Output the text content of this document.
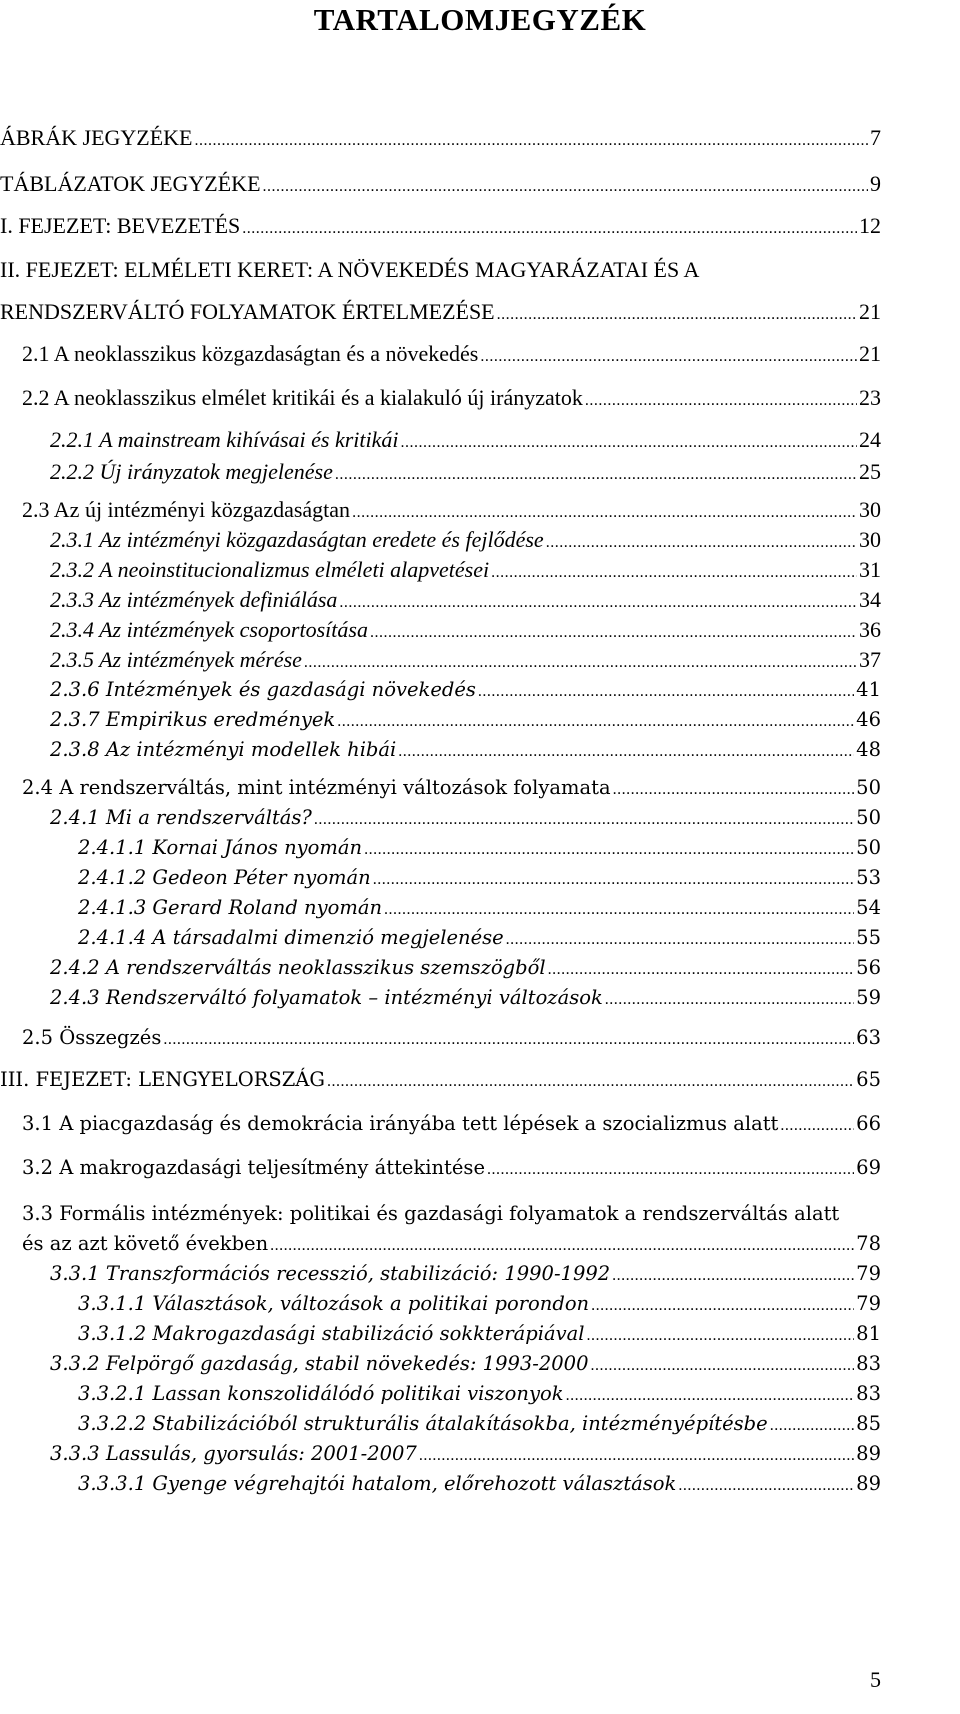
TARTALOMJEGYZÉK
ÁBRÁK JEGYZÉKE .....	7
TÁBLÁZATOK JEGYZÉKE .....	9
I. FEJEZET: BEVEZETÉS .....	12
II. FEJEZET: ELMÉLETI KERET: A NÖVEKEDÉS MAGYARÁZATAI ÉS A
RENDSZERVÁLTÓ FOLYAMATOK ÉRTELMEZÉSE .....	21
2.1 A neoklasszikus közgazdaságtan és a növekedés .....	21
2.2 A neoklasszikus elmélet kritikái és a kialakuló új irányzatok .....	23
2.2.1 A mainstream kihívásai és kritikái .....	24
2.2.2 Új irányzatok megjelenése .....	25
2.3 Az új intézményi közgazdaságtan .....	30
2.3.1 Az intézményi közgazdaságtan eredete és fejlődése .....	30
2.3.2 A neoinstitucionalizmus elméleti alapvetései .....	31
2.3.3 Az intézmények definiálása .....	34
2.3.4 Az intézmények csoportosítása .....	36
2.3.5 Az intézmények mérése .....	37
2.3.6 Intézmények és gazdasági növekedés .....	41
2.3.7 Empirikus eredmények .....	46
2.3.8 Az intézményi modellek hibái .....	48
2.4 A rendszerváltás, mint intézményi változások folyamata .....	50
2.4.1 Mi a rendszerváltás? .....	50
2.4.1.1 Kornai János nyomán .....	50
2.4.1.2 Gedeon Péter nyomán .....	53
2.4.1.3 Gerard Roland nyomán .....	54
2.4.1.4 A társadalmi dimenzió megjelenése .....	55
2.4.2 A rendszerváltás neoklasszikus szemszögből .....	56
2.4.3 Rendszerváltó folyamatok – intézményi változások .....	59
2.5 Összegzés .....	63
III. FEJEZET: LENGYELORSZÁG .....	65
3.1 A piacgazdaság és demokrácia irányába tett lépések a szocializmus alatt .....	66
3.2 A makrogazdasági teljesítmény áttekintése .....	69
3.3 Formális intézmények: politikai és gazdasági folyamatok a rendszerváltás alatt
és az azt követő években .....	78
3.3.1 Transzformációs recesszió, stabilizáció: 1990-1992 .....	79
3.3.1.1 Választások, változások a politikai porondon .....	79
3.3.1.2 Makrogazdasági stabilizáció sokkterápiával .....	81
3.3.2 Felpörgő gazdaság, stabil növekedés: 1993-2000 .....	83
3.3.2.1 Lassan konszolidálódó politikai viszonyok .....	83
3.3.2.2 Stabilizációból strukturális átalakításokba, intézményépítésbe .....	85
3.3.3 Lassulás, gyorsulás: 2001-2007 .....	89
3.3.3.1 Gyenge végrehajtói hatalom, előrehozott választások .....	89
5
